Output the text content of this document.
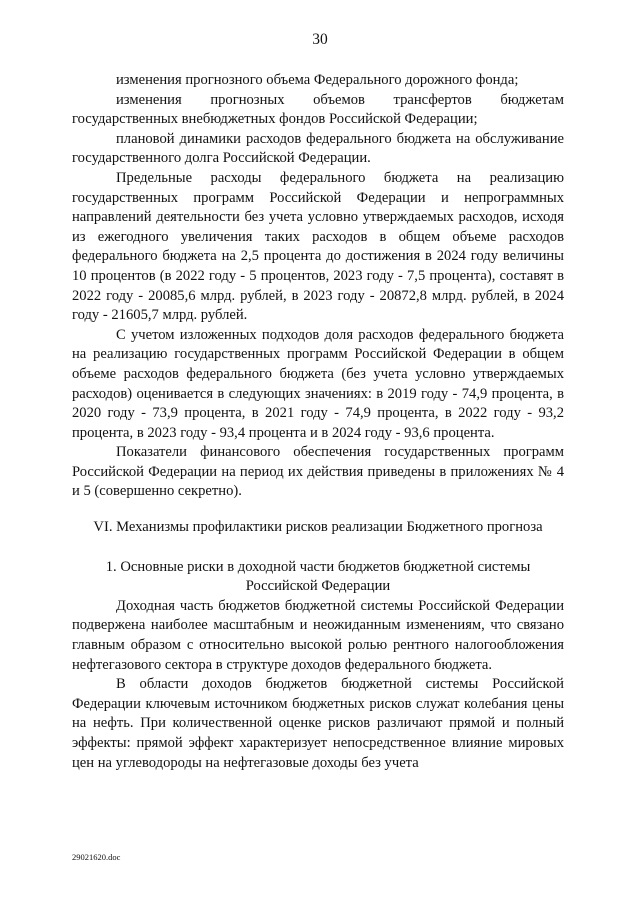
30

изменения прогнозного объема Федерального дорожного фонда;

изменения прогнозных объемов трансфертов бюджетам государственных внебюджетных фондов Российской Федерации;

плановой динамики расходов федерального бюджета на обслуживание государственного долга Российской Федерации.

Предельные расходы федерального бюджета на реализацию государственных программ Российской Федерации и непрограммных направлений деятельности без учета условно утверждаемых расходов, исходя из ежегодного увеличения таких расходов в общем объеме расходов федерального бюджета на 2,5 процента до достижения в 2024 году величины 10 процентов (в 2022 году - 5 процентов, 2023 году - 7,5 процента), составят в 2022 году - 20085,6 млрд. рублей, в 2023 году - 20872,8 млрд. рублей, в 2024 году - 21605,7 млрд. рублей.

С учетом изложенных подходов доля расходов федерального бюджета на реализацию государственных программ Российской Федерации в общем объеме расходов федерального бюджета (без учета условно утверждаемых расходов) оценивается в следующих значениях: в 2019 году - 74,9 процента, в 2020 году - 73,9 процента, в 2021 году - 74,9 процента, в 2022 году - 93,2 процента, в 2023 году - 93,4 процента и в 2024 году - 93,6 процента.

Показатели финансового обеспечения государственных программ Российской Федерации на период их действия приведены в приложениях № 4 и 5 (совершенно секретно).

VI. Механизмы профилактики рисков реализации Бюджетного прогноза

1. Основные риски в доходной части бюджетов бюджетной системы

Российской Федерации

Доходная часть бюджетов бюджетной системы Российской Федерации подвержена наиболее масштабным и неожиданным изменениям, что связано главным образом с относительно высокой ролью рентного налогообложения нефтегазового сектора в структуре доходов федерального бюджета.

В области доходов бюджетов бюджетной системы Российской Федерации ключевым источником бюджетных рисков служат колебания цены на нефть. При количественной оценке рисков различают прямой и полный эффекты: прямой эффект характеризует непосредственное влияние мировых цен на углеводороды на нефтегазовые доходы без учета

29021620.doc
